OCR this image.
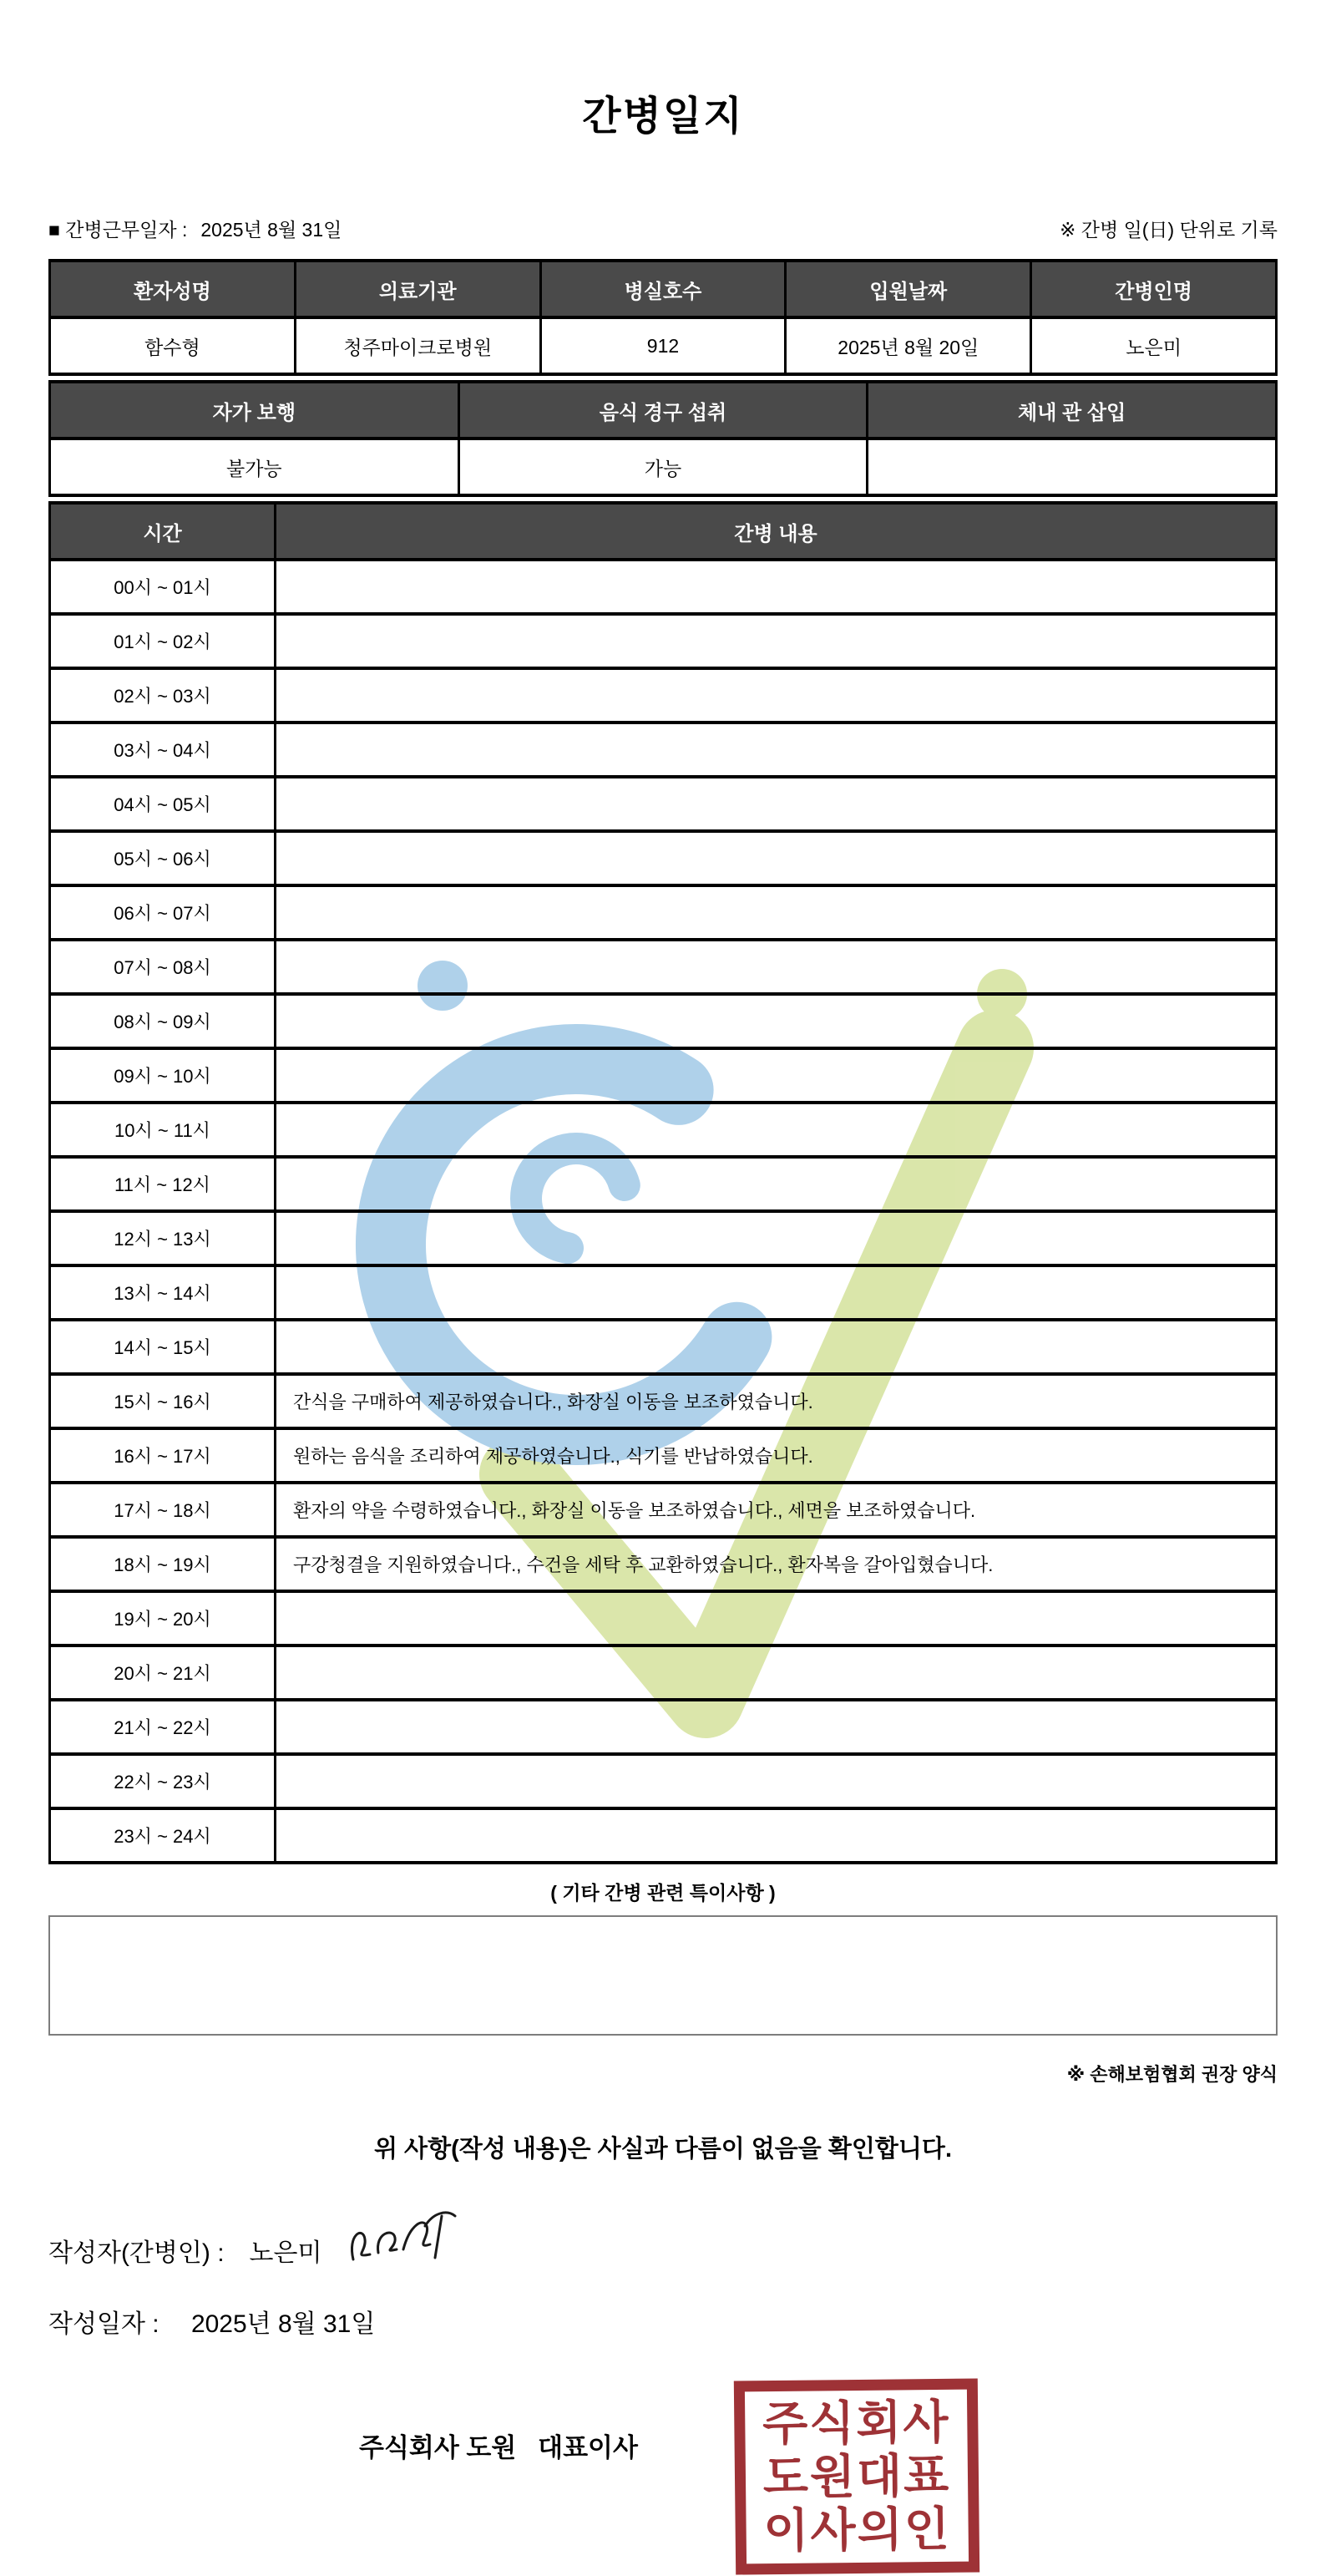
간병일지
■ 간병근무일자 : 2025년 8월 31일	※ 간병 일(日) 단위로 기록
환자성명	의료기관	병실호수	입원날짜	간병인명
함수형	청주마이크로병원	912	2025년 8월 20일	노은미
자가 보행	음식 경구 섭취	체내 관 삽입
불가능	가능	
시간	간병 내용
00시 ~ 01시	
01시 ~ 02시	
02시 ~ 03시	
03시 ~ 04시	
04시 ~ 05시	
05시 ~ 06시	
06시 ~ 07시	
07시 ~ 08시	
08시 ~ 09시	
09시 ~ 10시	
10시 ~ 11시	
11시 ~ 12시	
12시 ~ 13시	
13시 ~ 14시	
14시 ~ 15시	
15시 ~ 16시	간식을 구매하여 제공하였습니다., 화장실 이동을 보조하였습니다.
16시 ~ 17시	원하는 음식을 조리하여 제공하였습니다., 식기를 반납하였습니다.
17시 ~ 18시	환자의 약을 수령하였습니다., 화장실 이동을 보조하였습니다., 세면을 보조하였습니다.
18시 ~ 19시	구강청결을 지원하였습니다., 수건을 세탁 후 교환하였습니다., 환자복을 갈아입혔습니다.
19시 ~ 20시	
20시 ~ 21시	
21시 ~ 22시	
22시 ~ 23시	
23시 ~ 24시	
( 기타 간병 관련 특이사항 )
※ 손해보험협회 권장 양식
위 사항(작성 내용)은 사실과 다름이 없음을 확인합니다.
작성자(간병인) : 노은미
작성일자 : 2025년 8월 31일
주식회사 도원   대표이사	주식회사
도원대표
이사의인
